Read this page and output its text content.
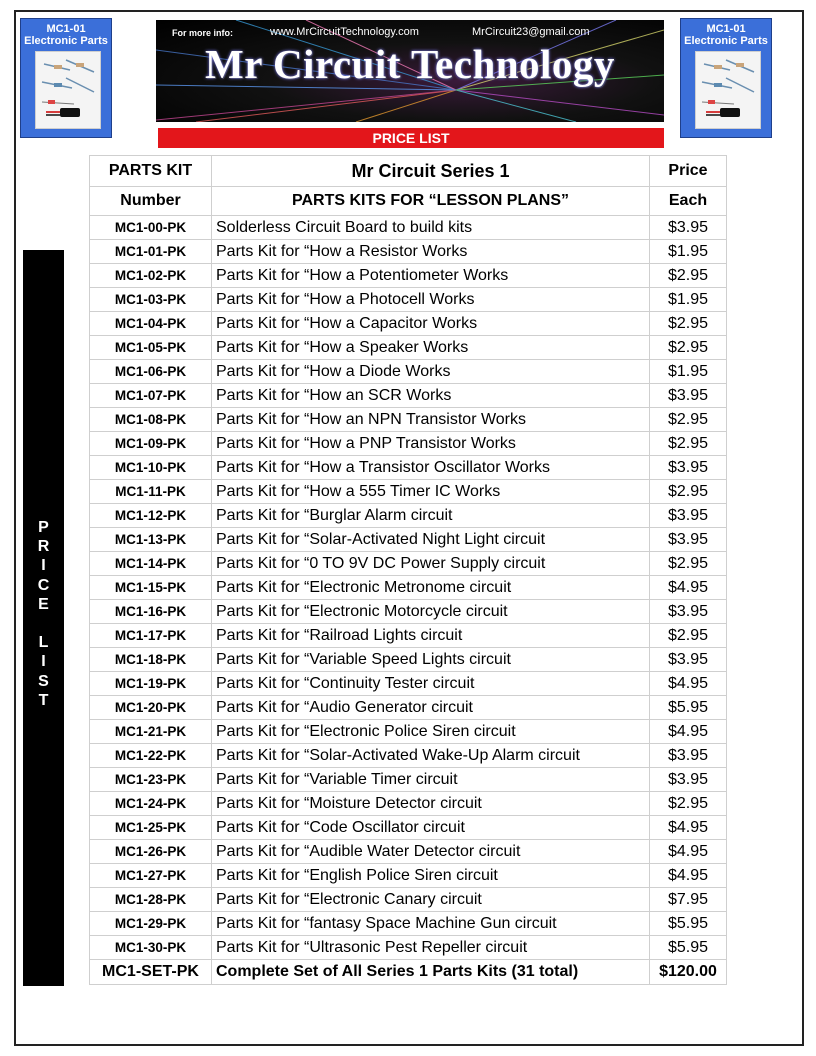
MC1-01
Electronic Parts
MC1-01
Electronic Parts
For more info:	www.MrCircuitTechnology.com	MrCircuit23@gmail.com
Mr Circuit Technology
PRICE LIST
P
R
I
C
E
L
I
S
T
PARTS KIT	Mr Circuit Series 1	Price
Number	PARTS KITS FOR “LESSON PLANS”	Each
MC1-00-PK	Solderless Circuit Board to build kits	$3.95
MC1-01-PK	Parts Kit for “How a Resistor Works	$1.95
MC1-02-PK	Parts Kit for “How a Potentiometer Works	$2.95
MC1-03-PK	Parts Kit for “How a Photocell Works	$1.95
MC1-04-PK	Parts Kit for “How a Capacitor Works	$2.95
MC1-05-PK	Parts Kit for “How a Speaker Works	$2.95
MC1-06-PK	Parts Kit for “How a Diode Works	$1.95
MC1-07-PK	Parts Kit for “How an SCR Works	$3.95
MC1-08-PK	Parts Kit for “How an NPN Transistor Works	$2.95
MC1-09-PK	Parts Kit for “How a PNP Transistor Works	$2.95
MC1-10-PK	Parts Kit for “How a Transistor Oscillator Works	$3.95
MC1-11-PK	Parts Kit for “How a 555 Timer IC Works	$2.95
MC1-12-PK	Parts Kit for “Burglar Alarm circuit	$3.95
MC1-13-PK	Parts Kit for “Solar-Activated Night Light circuit	$3.95
MC1-14-PK	Parts Kit for “0 TO 9V DC Power Supply circuit	$2.95
MC1-15-PK	Parts Kit for “Electronic Metronome circuit	$4.95
MC1-16-PK	Parts Kit for “Electronic Motorcycle circuit	$3.95
MC1-17-PK	Parts Kit for “Railroad Lights circuit	$2.95
MC1-18-PK	Parts Kit for “Variable Speed Lights circuit	$3.95
MC1-19-PK	Parts Kit for “Continuity Tester circuit	$4.95
MC1-20-PK	Parts Kit for “Audio Generator circuit	$5.95
MC1-21-PK	Parts Kit for “Electronic Police Siren circuit	$4.95
MC1-22-PK	Parts Kit for “Solar-Activated Wake-Up Alarm circuit	$3.95
MC1-23-PK	Parts Kit for “Variable Timer circuit	$3.95
MC1-24-PK	Parts Kit for “Moisture Detector circuit	$2.95
MC1-25-PK	Parts Kit for “Code Oscillator circuit	$4.95
MC1-26-PK	Parts Kit for “Audible Water Detector circuit	$4.95
MC1-27-PK	Parts Kit for “English Police Siren circuit	$4.95
MC1-28-PK	Parts Kit for “Electronic Canary circuit	$7.95
MC1-29-PK	Parts Kit for “fantasy Space Machine Gun circuit	$5.95
MC1-30-PK	Parts Kit for “Ultrasonic Pest Repeller circuit	$5.95
MC1-SET-PK	Complete Set of All Series 1 Parts Kits (31 total)	$120.00
